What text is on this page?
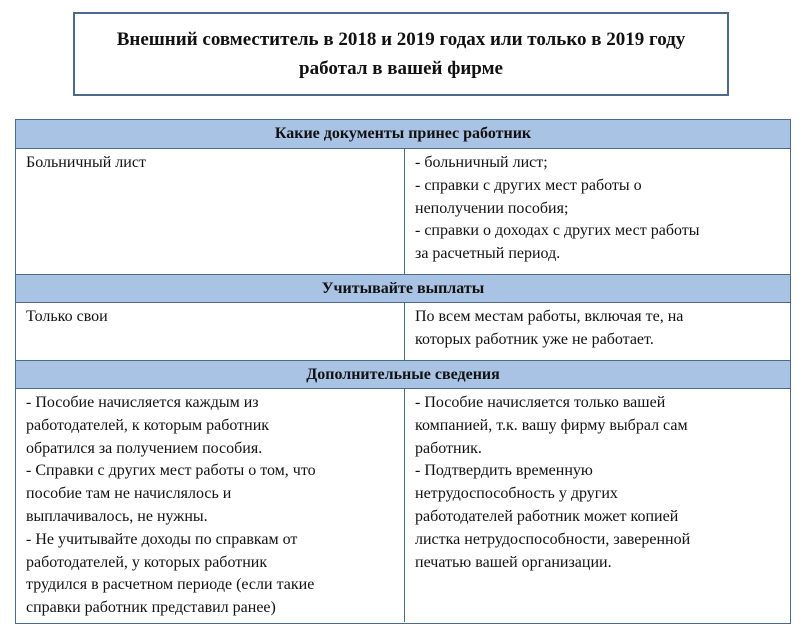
Внешний совместитель в 2018 и 2019 годах или только в 2019 году работал в вашей фирме

Какие документы принес работник
Больничный лист	- больничный лист;
- справки с других мест работы о
неполучении пособия;
- справки о доходах с других мест работы
за расчетный период.
Учитывайте выплаты
Только свои	По всем местам работы, включая те, на
которых работник уже не работает.
Дополнительные сведения
- Пособие начисляется каждым из
работодателей, к которым работник
обратился за получением пособия.
- Справки с других мест работы о том, что
пособие там не начислялось и
выплачивалось, не нужны.
- Не учитывайте доходы по справкам от
работодателей, у которых работник
трудился в расчетном периоде (если такие
справки работник представил ранее)
- Пособие начисляется только вашей
компанией, т.к. вашу фирму выбрал сам
работник.
- Подтвердить временную
нетрудоспособность у других
работодателей работник может копией
листка нетрудоспособности, заверенной
печатью вашей организации.
